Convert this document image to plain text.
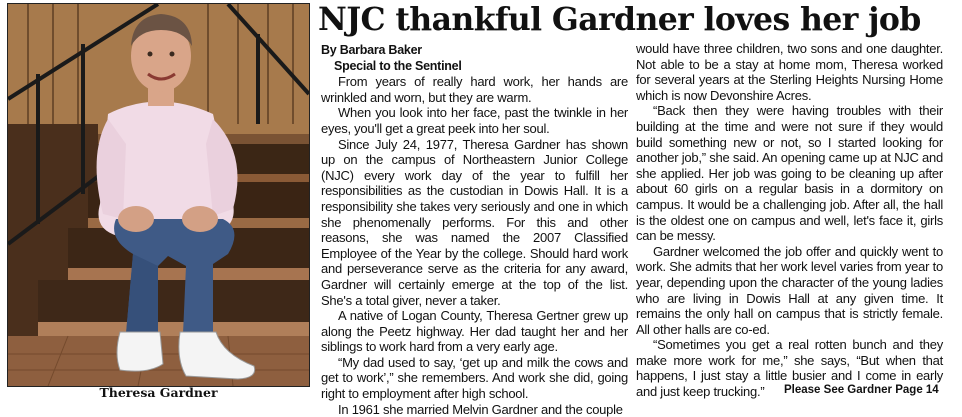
Theresa Gardner
NJC thankful Gardner loves her job

By Barbara Baker

Special to the Sentinel

From years of really hard work, her hands are wrinkled and worn, but they are warm.

When you look into her face, past the twinkle in her eyes, you'll get a great peek into her soul.

Since July 24, 1977, Theresa Gardner has shown up on the campus of Northeastern Junior College (NJC) every work day of the year to fulfill her responsibilities as the custodian in Dowis Hall. It is a responsibility she takes very seriously and one in which she phenomenally performs. For this and other reasons, she was named the 2007 Classified Employee of the Year by the college. Should hard work and perseverance serve as the criteria for any award, Gardner will certainly emerge at the top of the list. She's a total giver, never a taker.

A native of Logan County, Theresa Gertner grew up along the Peetz highway. Her dad taught her and her siblings to work hard from a very early age.

“My dad used to say, ‘get up and milk the cows and get to work’,” she remembers. And work she did, going right to employment after high school.

In 1961 she married Melvin Gardner and the couple

would have three children, two sons and one daughter. Not able to be a stay at home mom, Theresa worked for several years at the Sterling Heights Nursing Home which is now Devonshire Acres.

“Back then they were having troubles with their building at the time and were not sure if they would build something new or not, so I started looking for another job,” she said. An opening came up at NJC and she applied. Her job was going to be cleaning up after about 60 girls on a regular basis in a dormitory on campus. It would be a challenging job. After all, the hall is the oldest one on campus and well, let's face it, girls can be messy.

Gardner welcomed the job offer and quickly went to work. She admits that her work level varies from year to year, depending upon the character of the young ladies who are living in Dowis Hall at any given time. It remains the only hall on campus that is strictly female. All other halls are co-ed.

“Sometimes you get a real rotten bunch and they make more work for me,” she says, “But when that happens, I just stay a little busier and I come in early and just keep trucking.”	Please See Gardner Page 14
